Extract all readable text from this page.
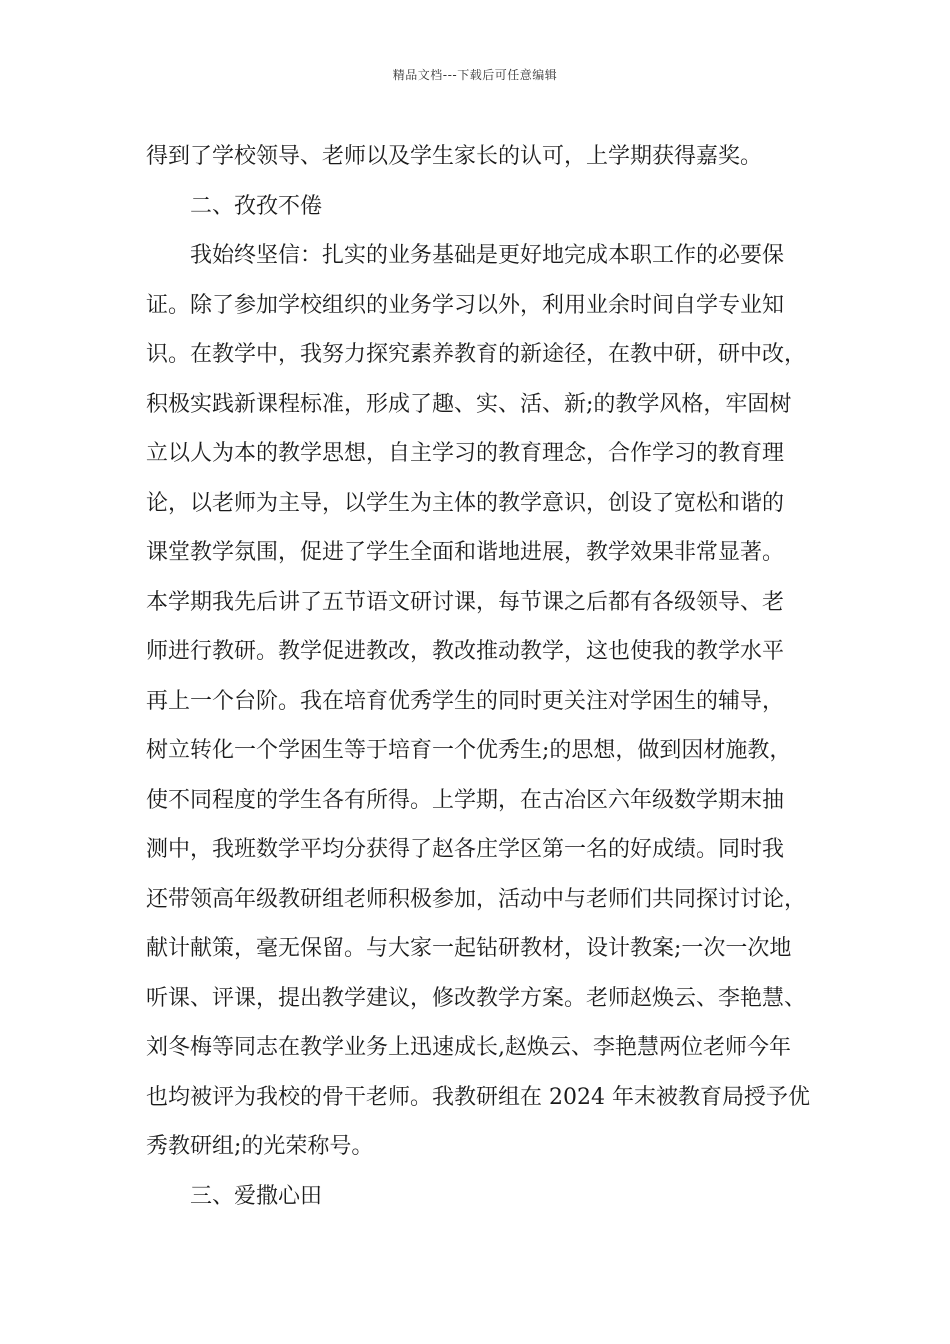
精品文档---下载后可任意编辑
得到了学校领导、老师以及学生家长的认可，上学期获得嘉奖。
二、孜孜不倦
我始终坚信：扎实的业务基础是更好地完成本职工作的必要保
证。除了参加学校组织的业务学习以外，利用业余时间自学专业知
识。在教学中，我努力探究素养教育的新途径，在教中研，研中改，
积极实践新课程标准，形成了趣、实、活、新;的教学风格，牢固树
立以人为本的教学思想，自主学习的教育理念，合作学习的教育理
论，以老师为主导，以学生为主体的教学意识，创设了宽松和谐的
课堂教学氛围，促进了学生全面和谐地进展，教学效果非常显著。
本学期我先后讲了五节语文研讨课，每节课之后都有各级领导、老
师进行教研。教学促进教改，教改推动教学，这也使我的教学水平
再上一个台阶。我在培育优秀学生的同时更关注对学困生的辅导，
树立转化一个学困生等于培育一个优秀生;的思想，做到因材施教，
使不同程度的学生各有所得。上学期，在古冶区六年级数学期末抽
测中，我班数学平均分获得了赵各庄学区第一名的好成绩。同时我
还带领高年级教研组老师积极参加，活动中与老师们共同探讨讨论，
献计献策，毫无保留。与大家一起钻研教材，设计教案;一次一次地
听课、评课，提出教学建议，修改教学方案。老师赵焕云、李艳慧、
刘冬梅等同志在教学业务上迅速成长,赵焕云、李艳慧两位老师今年
也均被评为我校的骨干老师。我教研组在 2024 年末被教育局授予优
秀教研组;的光荣称号。
三、爱撒心田
